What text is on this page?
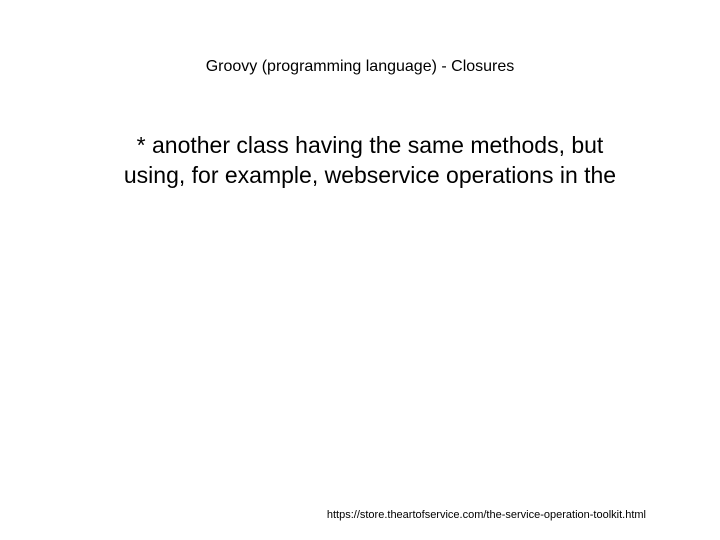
Groovy (programming language) - Closures
* another class having the same methods, but
using, for example, webservice operations in the
https://store.theartofservice.com/the-service-operation-toolkit.html
